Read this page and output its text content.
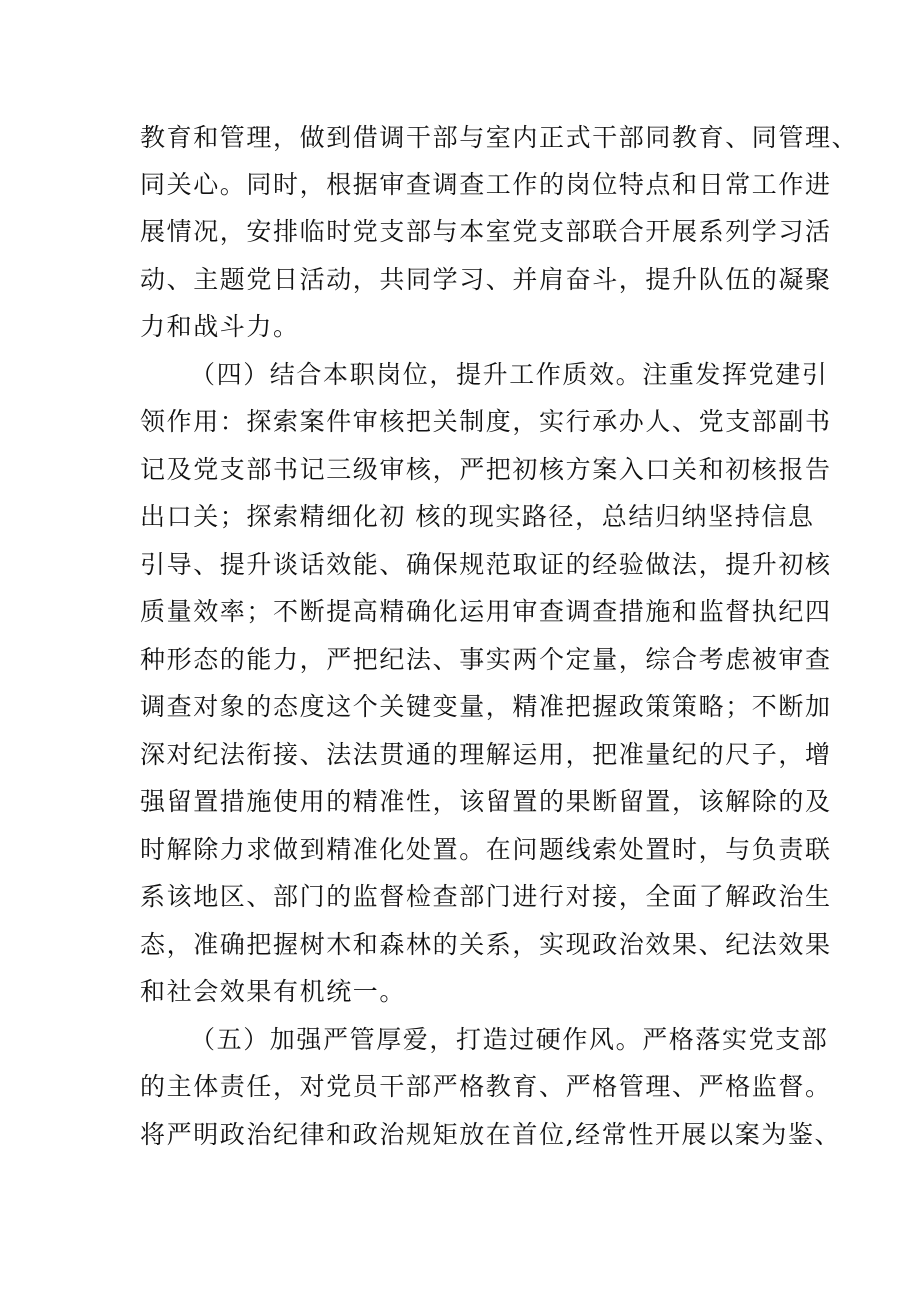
教育和管理，做到借调干部与室内正式干部同教育、同管理、
同关心。同时，根据审查调查工作的岗位特点和日常工作进
展情况，安排临时党支部与本室党支部联合开展系列学习活
动、主题党日活动，共同学习、并肩奋斗，提升队伍的凝聚
力和战斗力。
（四）结合本职岗位，提升工作质效。注重发挥党建引
领作用：探索案件审核把关制度，实行承办人、党支部副书
记及党支部书记三级审核，严把初核方案入口关和初核报告
出口关；探索精细化初 核的现实路径，总结归纳坚持信息
引导、提升谈话效能、确保规范取证的经验做法，提升初核
质量效率；不断提高精确化运用审查调查措施和监督执纪四
种形态的能力，严把纪法、事实两个定量，综合考虑被审查
调查对象的态度这个关键变量，精准把握政策策略；不断加
深对纪法衔接、法法贯通的理解运用，把准量纪的尺子，增
强留置措施使用的精准性，该留置的果断留置，该解除的及
时解除力求做到精准化处置。在问题线索处置时，与负责联
系该地区、部门的监督检查部门进行对接，全面了解政治生
态，准确把握树木和森林的关系，实现政治效果、纪法效果
和社会效果有机统一。
（五）加强严管厚爱，打造过硬作风。严格落实党支部
的主体责任，对党员干部严格教育、严格管理、严格监督。
将严明政治纪律和政治规矩放在首位,经常性开展以案为鉴、
